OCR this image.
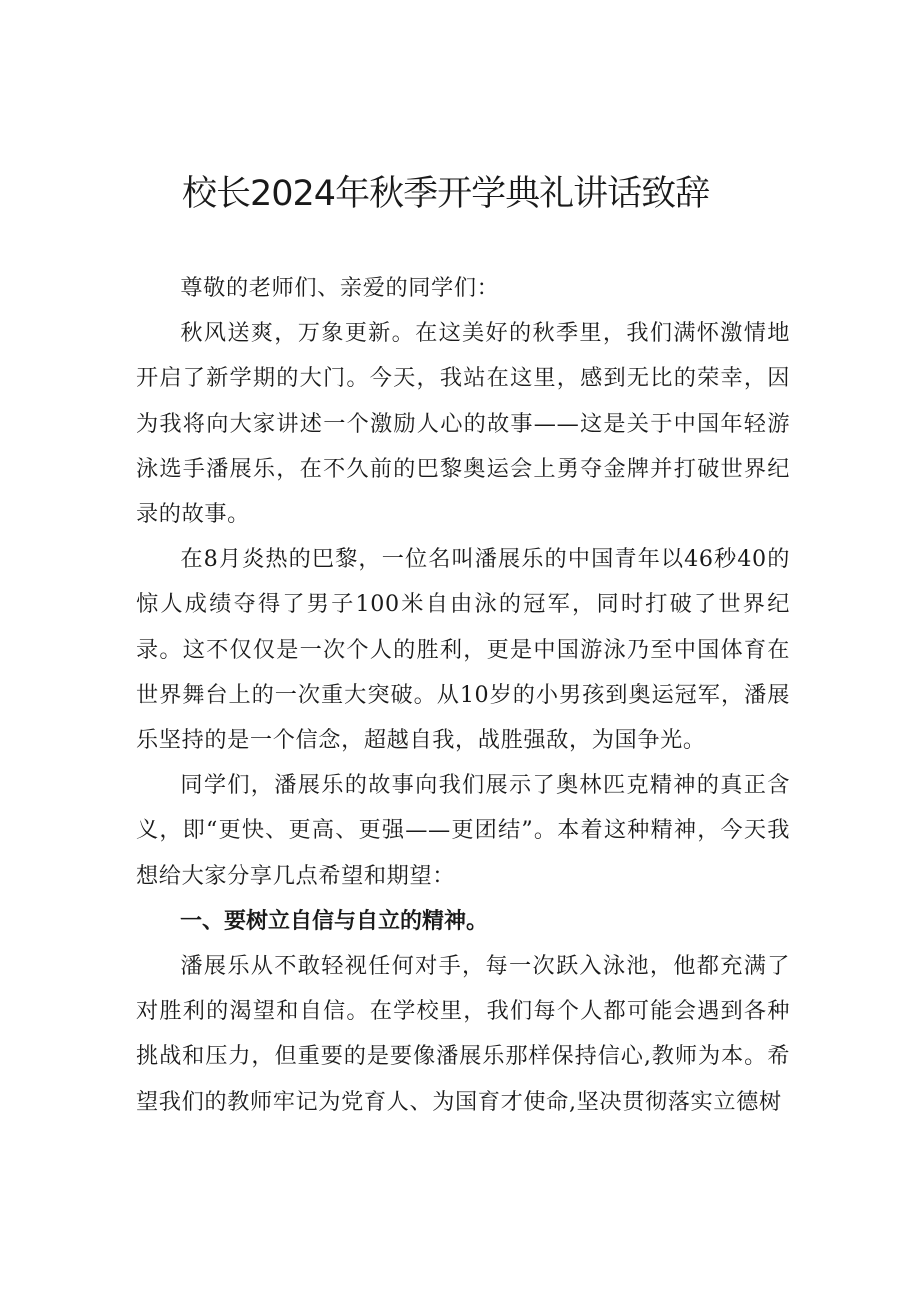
校长2024年秋季开学典礼讲话致辞

尊敬的老师们、亲爱的同学们：

秋风送爽，万象更新。在这美好的秋季里，我们满怀激情地开启了新学期的大门。今天，我站在这里，感到无比的荣幸，因为我将向大家讲述一个激励人心的故事——这是关于中国年轻游泳选手潘展乐，在不久前的巴黎奥运会上勇夺金牌并打破世界纪录的故事。

在8月炎热的巴黎，一位名叫潘展乐的中国青年以46秒40的惊人成绩夺得了男子100米自由泳的冠军，同时打破了世界纪录。这不仅仅是一次个人的胜利，更是中国游泳乃至中国体育在世界舞台上的一次重大突破。从10岁的小男孩到奥运冠军，潘展乐坚持的是一个信念，超越自我，战胜强敌，为国争光。

同学们，潘展乐的故事向我们展示了奥林匹克精神的真正含义，即“更快、更高、更强——更团结”。本着这种精神，今天我想给大家分享几点希望和期望：

一、要树立自信与自立的精神。

潘展乐从不敢轻视任何对手，每一次跃入泳池，他都充满了对胜利的渴望和自信。在学校里，我们每个人都可能会遇到各种挑战和压力，但重要的是要像潘展乐那样保持信心,教师为本。希望我们的教师牢记为党育人、为国育才使命,坚决贯彻落实立德树
